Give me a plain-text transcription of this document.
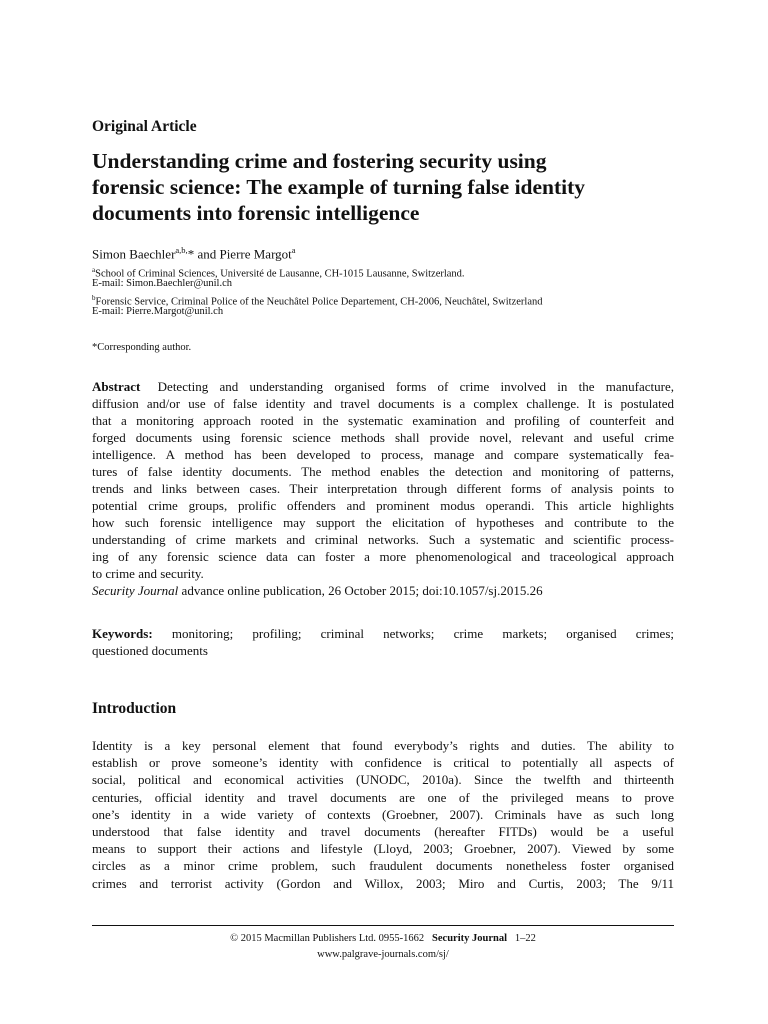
Original Article
Understanding crime and fostering security using
forensic science: The example of turning false identity
documents into forensic intelligence
Simon Baechler$^{a,b,}$* and Pierre Margot$^a$
$^a$School of Criminal Sciences, Université de Lausanne, CH-1015 Lausanne, Switzerland.
E-mail: Simon.Baechler@unil.ch
$^b$Forensic Service, Criminal Police of the Neuchâtel Police Departement, CH-2006, Neuchâtel, Switzerland
E-mail: Pierre.Margot@unil.ch
*Corresponding author.
Abstract Detecting and understanding organised forms of crime involved in the manufacture,
diffusion and/or use of false identity and travel documents is a complex challenge. It is postulated
that a monitoring approach rooted in the systematic examination and profiling of counterfeit and
forged documents using forensic science methods shall provide novel, relevant and useful crime
intelligence. A method has been developed to process, manage and compare systematically fea-
tures of false identity documents. The method enables the detection and monitoring of patterns,
trends and links between cases. Their interpretation through different forms of analysis points to
potential crime groups, prolific offenders and prominent modus operandi. This article highlights
how such forensic intelligence may support the elicitation of hypotheses and contribute to the
understanding of crime markets and criminal networks. Such a systematic and scientific process-
ing of any forensic science data can foster a more phenomenological and traceological approach
to crime and security.
Security Journal advance online publication, 26 October 2015; doi:10.1057/sj.2015.26
Keywords: monitoring; profiling; criminal networks; crime markets; organised crimes;
questioned documents
Introduction
Identity is a key personal element that found everybody’s rights and duties. The ability to
establish or prove someone’s identity with confidence is critical to potentially all aspects of
social, political and economical activities (UNODC, 2010a). Since the twelfth and thirteenth
centuries, official identity and travel documents are one of the privileged means to prove
one’s identity in a wide variety of contexts (Groebner, 2007). Criminals have as such long
understood that false identity and travel documents (hereafter FITDs) would be a useful
means to support their actions and lifestyle (Lloyd, 2003; Groebner, 2007). Viewed by some
circles as a minor crime problem, such fraudulent documents nonetheless foster organised
crimes and terrorist activity (Gordon and Willox, 2003; Miro and Curtis, 2003; The 9/11
© 2015 Macmillan Publishers Ltd. 0955-1662 Security Journal 1–22
www.palgrave-journals.com/sj/
